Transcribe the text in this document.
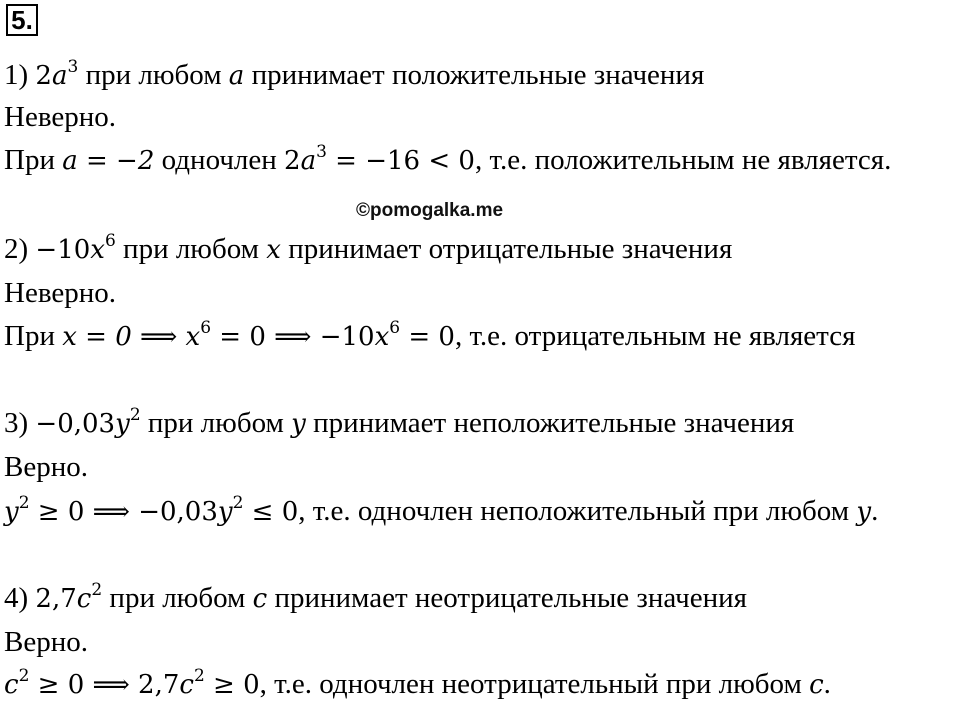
5.
1) $2a^3$ при любом a принимает положительные значения
Неверно.
При a = −2 одночлен $2a^3 = -16 < 0$, т.е. положительным не является.
©pomogalka.me
$2) -10x^6$ при любом x принимает отрицательные значения
Неверно.
При x = 0 ⟹ $x^6 = 0$ ⟹ $-10x^6 = 0$, т.е. отрицательным не является
$3) -0,03y^2$ при любом y принимает неположительные значения
Верно.
$y^2 \ge 0$ ⟹ $-0,03y^2 \le 0$, т.е. одночлен неположительный при любом y.
4) $2,7c^2$ при любом c принимает неотрицательные значения
Верно.
$c^2 \ge 0$ ⟹ $2,7c^2 \ge 0$, т.е. одночлен неотрицательный при любом c.
